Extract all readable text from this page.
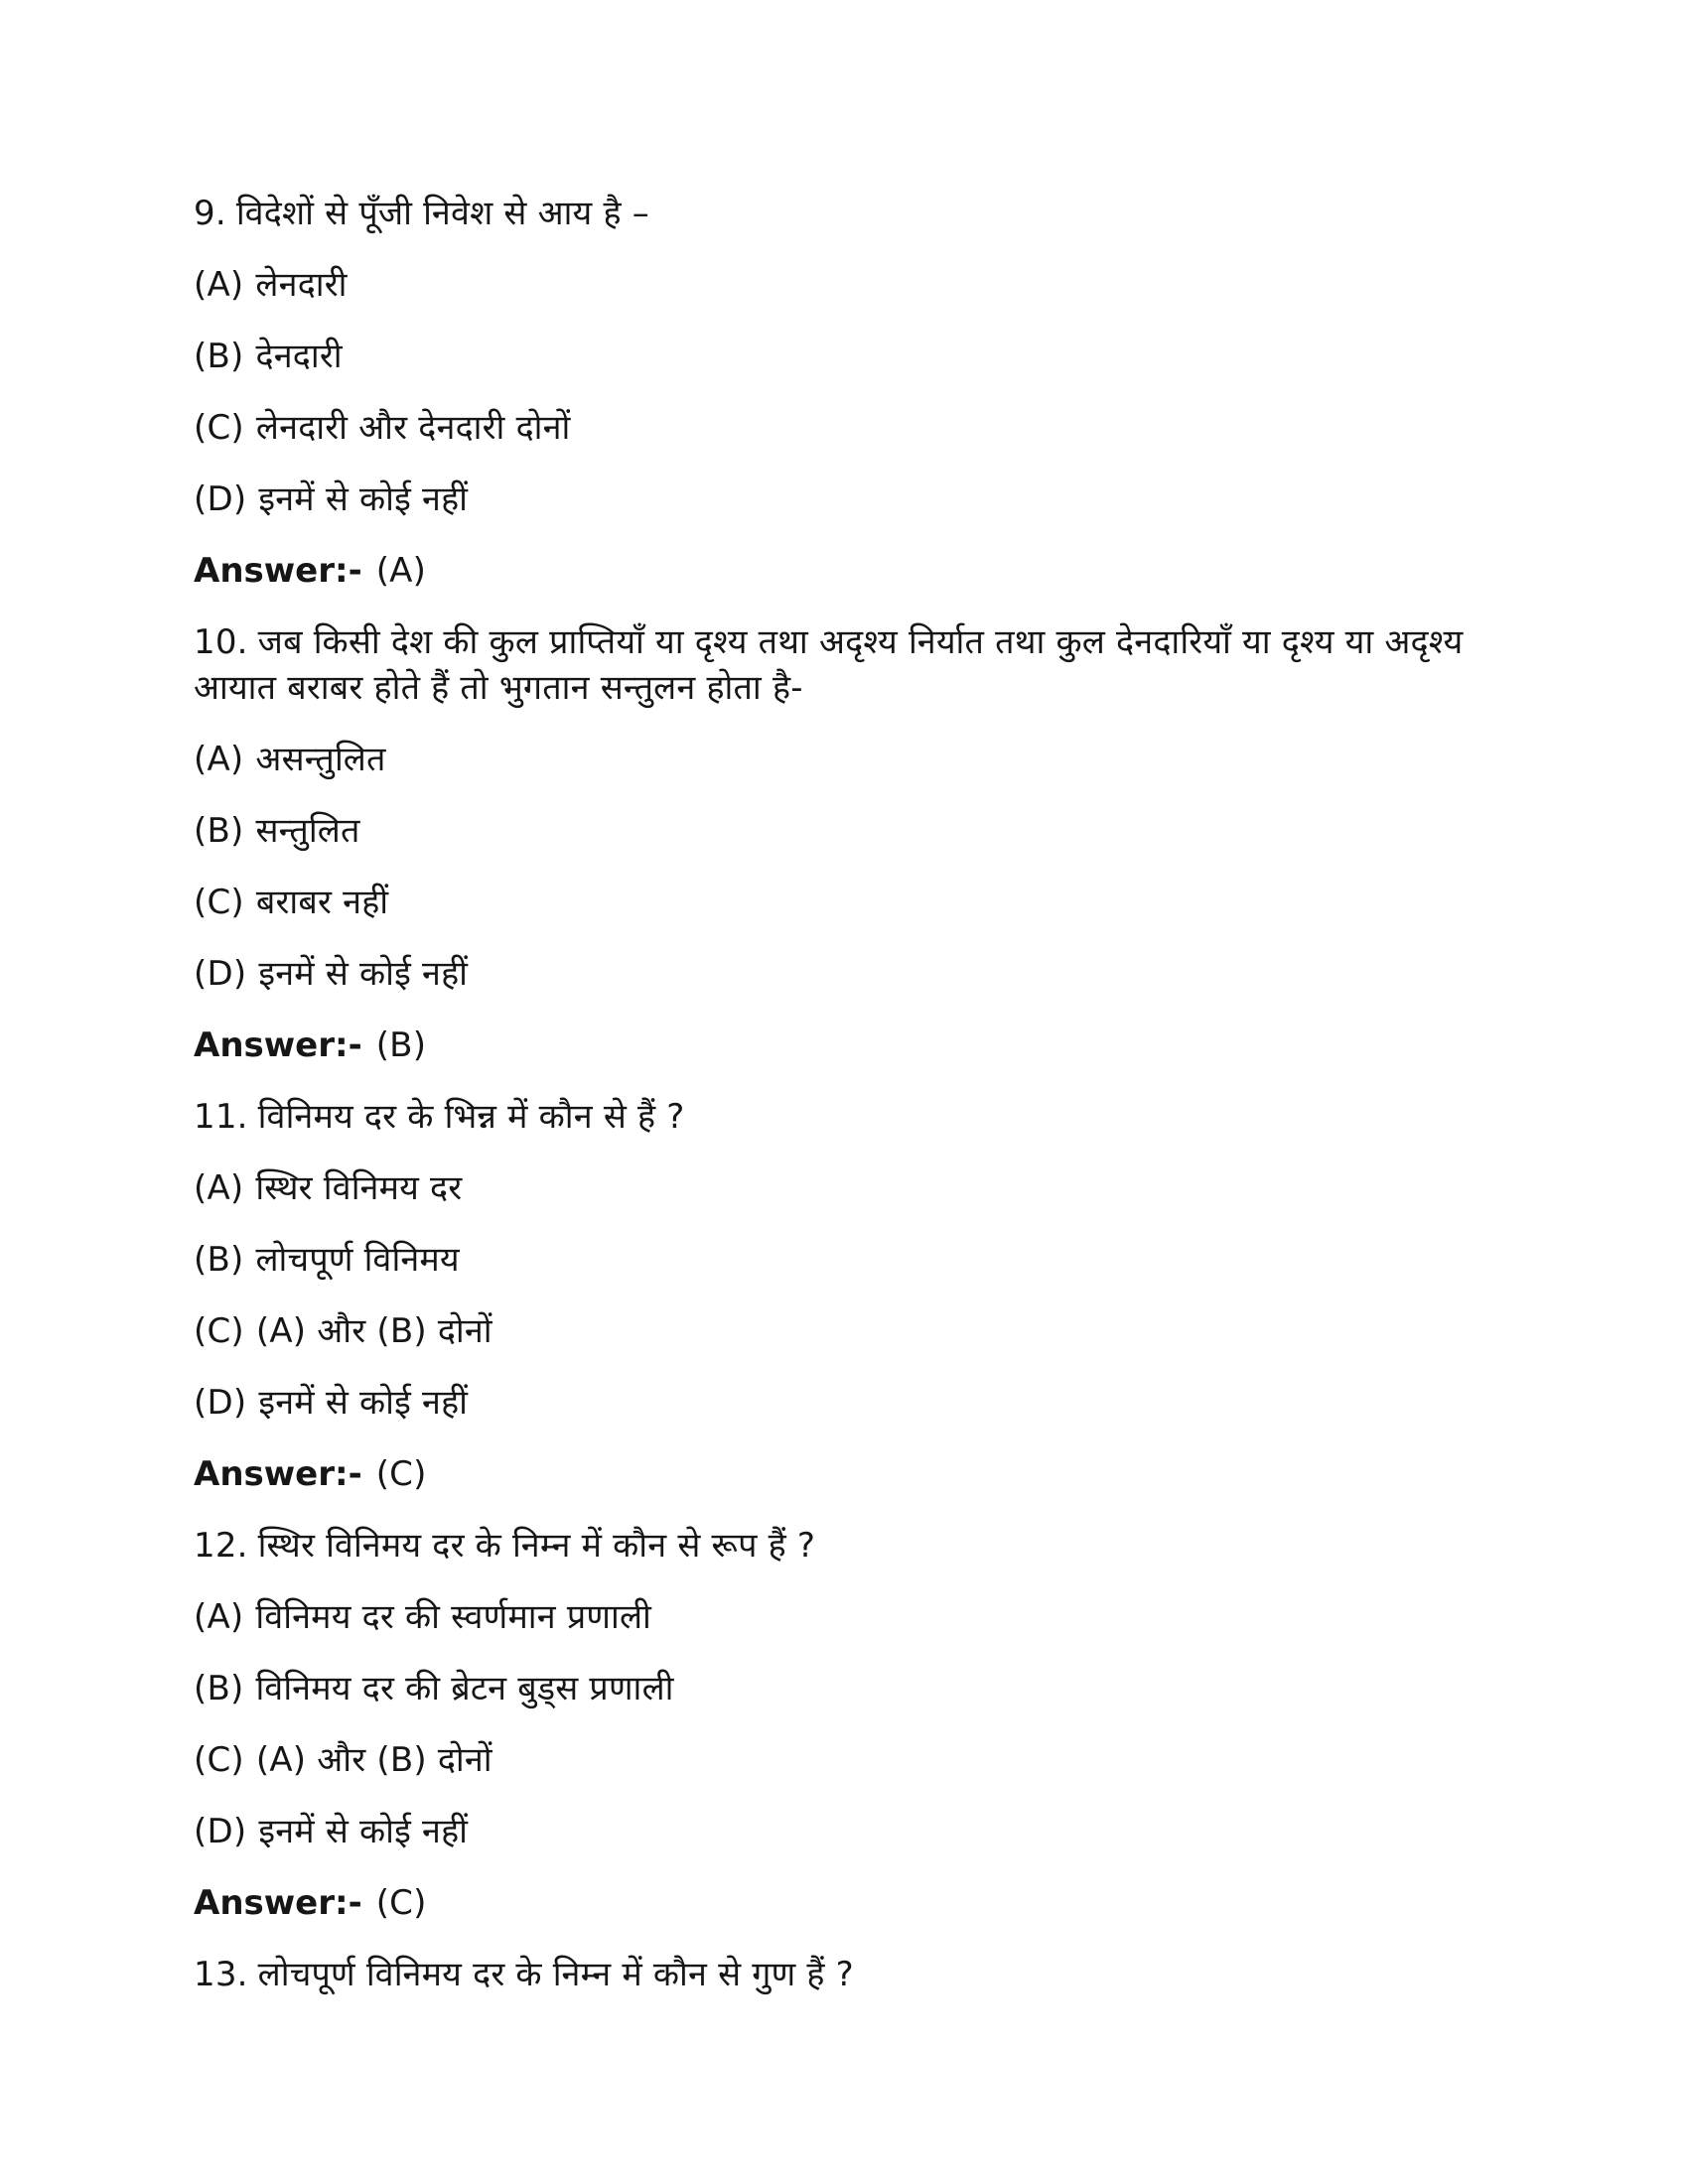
9. विदेशों से पूँजी निवेश से आय है –

(A) लेनदारी

(B) देनदारी

(C) लेनदारी और देनदारी दोनों

(D) इनमें से कोई नहीं

Answer:- (A)

10. जब किसी देश की कुल प्राप्तियाँ या दृश्य तथा अदृश्य निर्यात तथा कुल देनदारियाँ या दृश्य या अदृश्य आयात बराबर होते हैं तो भुगतान सन्तुलन होता है-

(A) असन्तुलित

(B) सन्तुलित

(C) बराबर नहीं

(D) इनमें से कोई नहीं

Answer:- (B)

11. विनिमय दर के भिन्न में कौन से हैं ?

(A) स्थिर विनिमय दर

(B) लोचपूर्ण विनिमय

(C) (A) और (B) दोनों

(D) इनमें से कोई नहीं

Answer:- (C)

12. स्थिर विनिमय दर के निम्न में कौन से रूप हैं ?

(A) विनिमय दर की स्वर्णमान प्रणाली

(B) विनिमय दर की ब्रेटन बुड्स प्रणाली

(C) (A) और (B) दोनों

(D) इनमें से कोई नहीं

Answer:- (C)

13. लोचपूर्ण विनिमय दर के निम्न में कौन से गुण हैं ?
